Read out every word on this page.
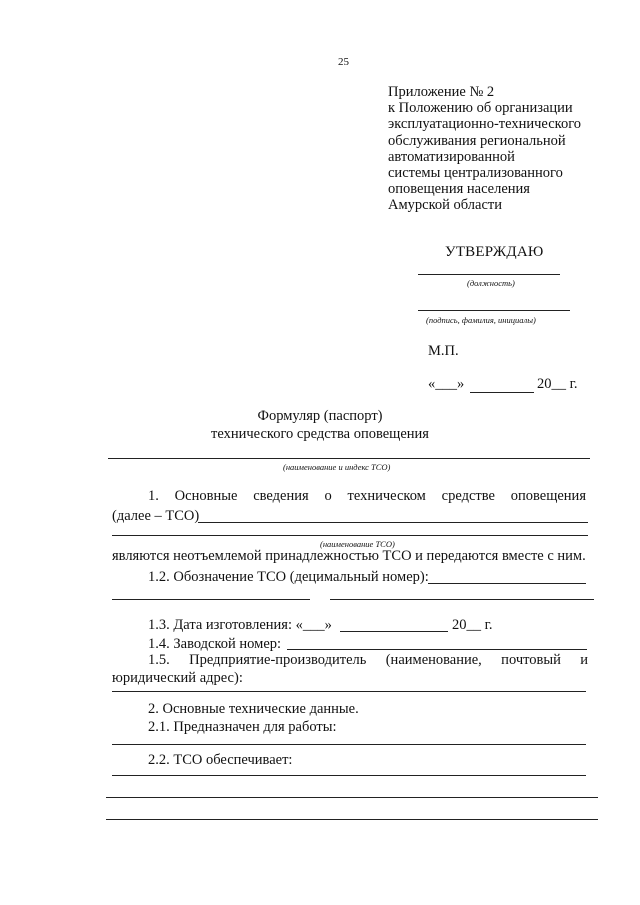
25
Приложение № 2
к Положению об организации
эксплуатационно-технического
обслуживания региональной
автоматизированной
системы централизованного
оповещения населения
Амурской области
УТВЕРЖДАЮ
(должность)
(подпись, фамилия, инициалы)
М.П.
«___»	20__ г.
Формуляр (паспорт)
технического средства оповещения
(наименование и индекс ТСО)
1. Основные сведения о техническом средстве оповещения
(далее – ТСО)
(наименование ТСО)
являются неотъемлемой принадлежностью ТСО и передаются вместе с ним.
1.2. Обозначение ТСО (децимальный номер):
1.3. Дата изготовления: «___»	20__ г.
1.4. Заводской номер:
1.5. Предприятие-производитель (наименование, почтовый и
юридический адрес):
2. Основные технические данные.
2.1. Предназначен для работы:
2.2. ТСО обеспечивает:
